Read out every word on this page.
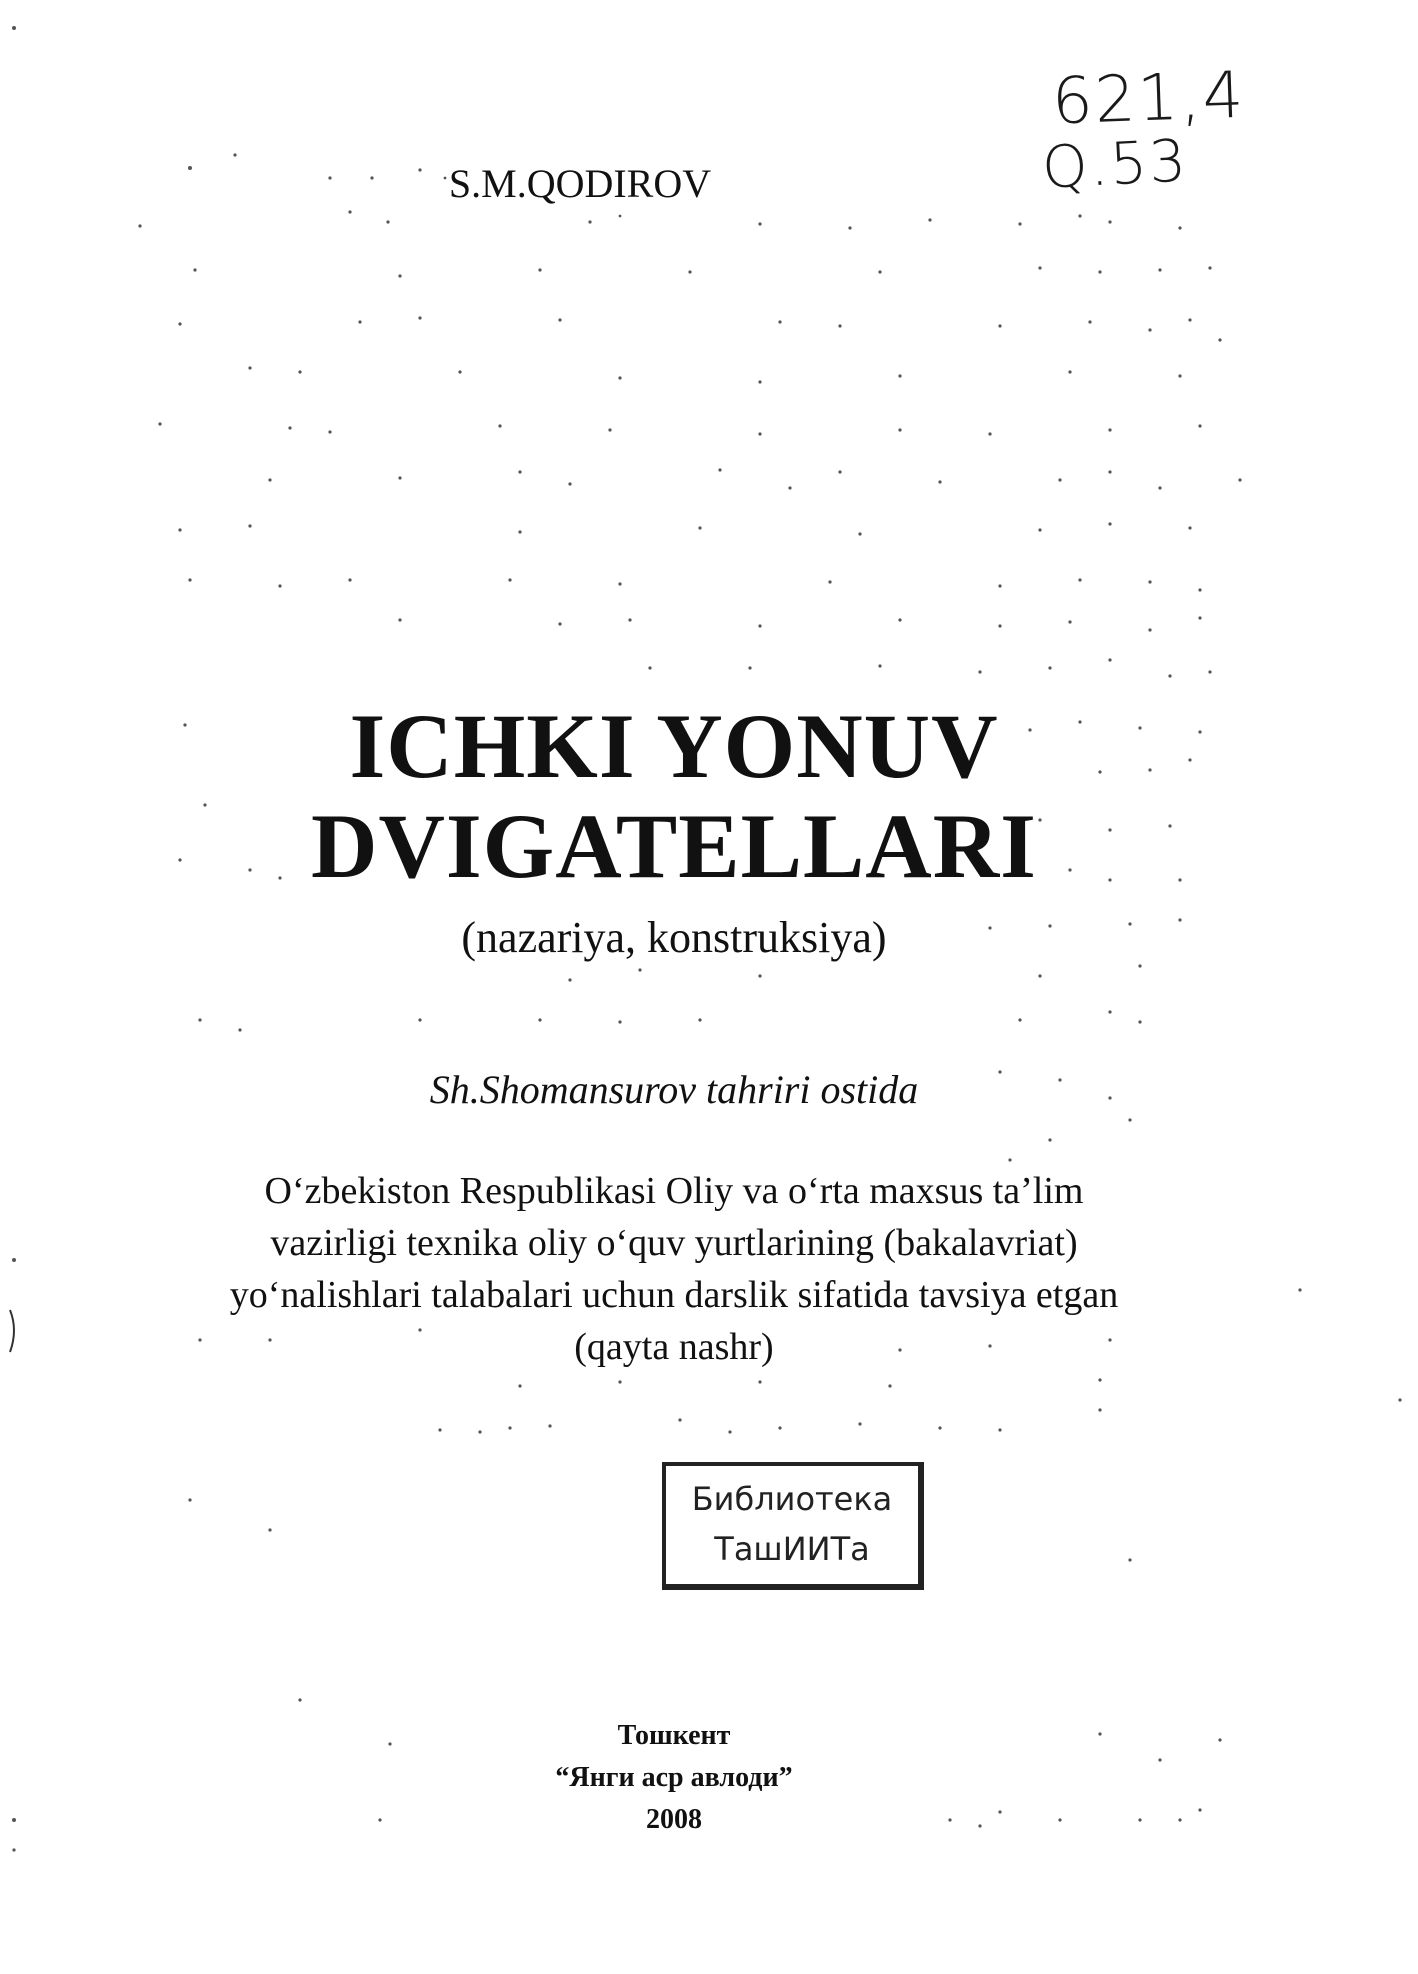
621,4
Q.53
S.M.QODIROV
ICHKI YONUV
DVIGATELLARI
(nazariya, konstruksiya)
Sh.Shomansurov tahriri ostida
O‘zbekiston Respublikasi Oliy va o‘rta maxsus ta’lim
vazirligi texnika oliy o‘quv yurtlarining (bakalavriat)
yo‘nalishlari talabalari uchun darslik sifatida tavsiya etgan
(qayta nashr)
Библиотека
ТашИИТа
Тошкент
“Янги аср авлоди”
2008
